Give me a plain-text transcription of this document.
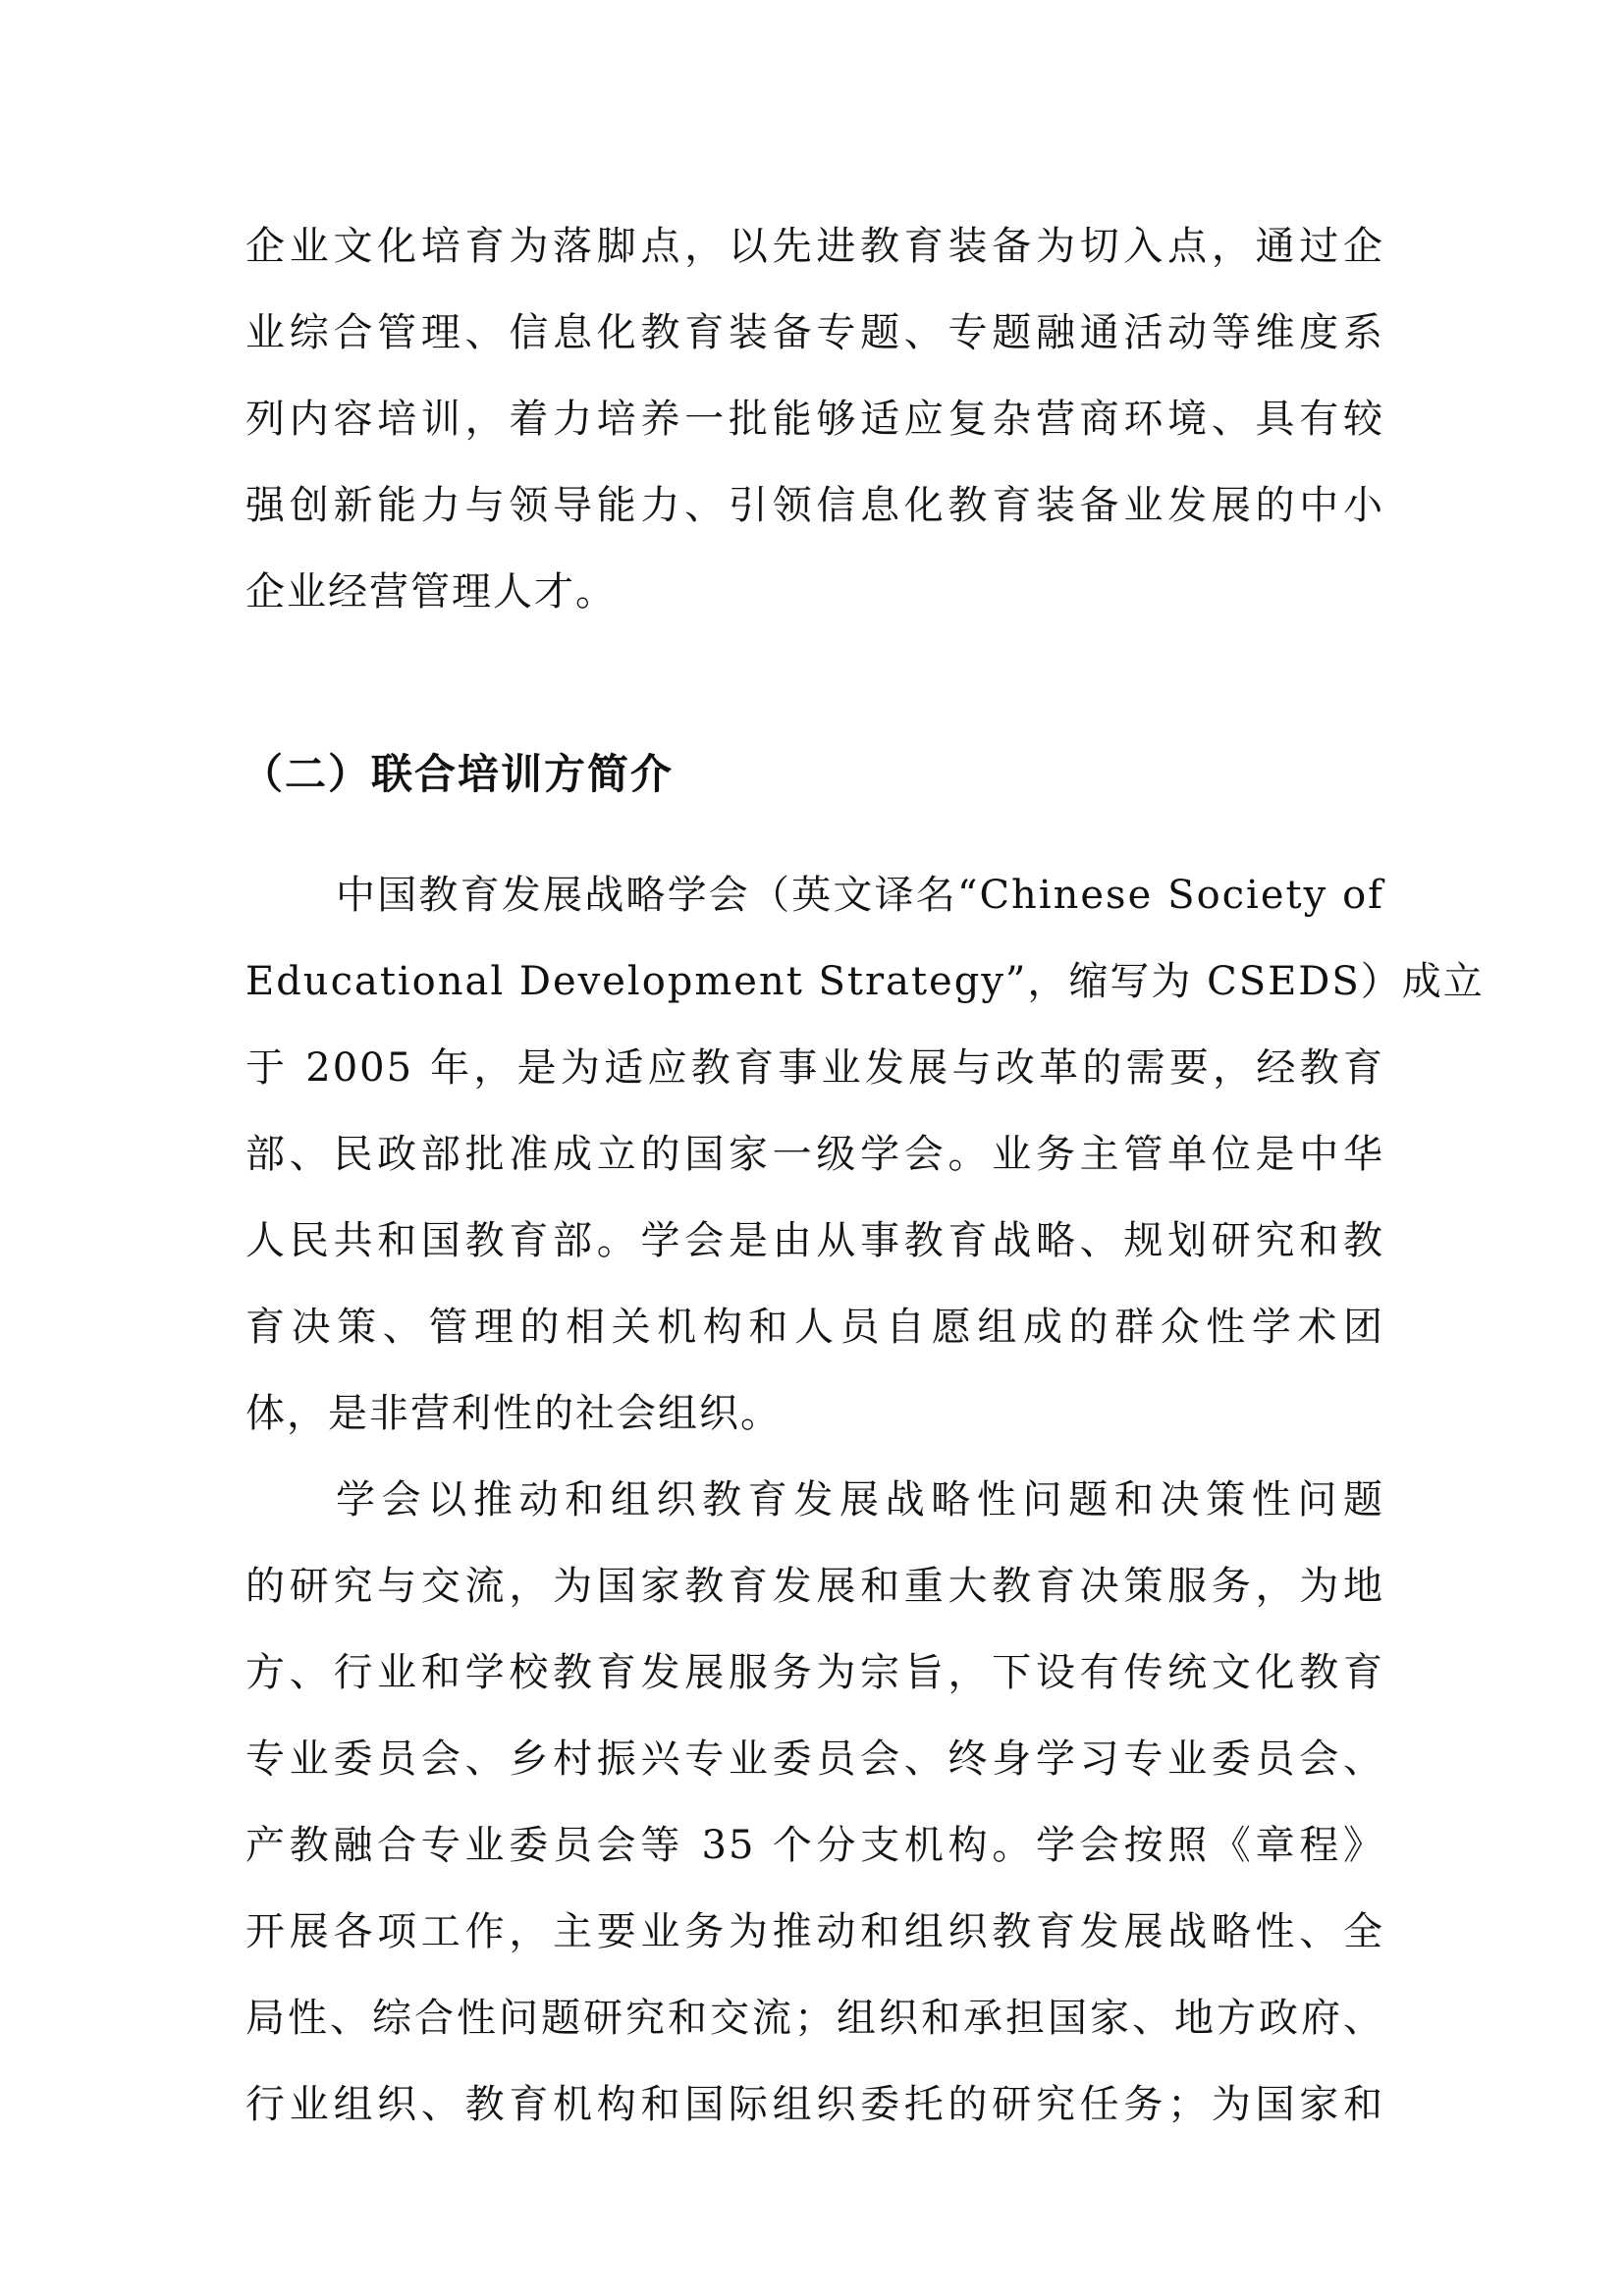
企业文化培育为落脚点，以先进教育装备为切入点，通过企
业综合管理、信息化教育装备专题、专题融通活动等维度系
列内容培训，着力培养一批能够适应复杂营商环境、具有较
强创新能力与领导能力、引领信息化教育装备业发展的中小
企业经营管理人才。
（二）联合培训方简介
中国教育发展战略学会（英文译名“Chinese Society of
Educational Development Strategy”，缩写为 CSEDS）成立
于 2005 年，是为适应教育事业发展与改革的需要，经教育
部、民政部批准成立的国家一级学会。业务主管单位是中华
人民共和国教育部。学会是由从事教育战略、规划研究和教
育决策、管理的相关机构和人员自愿组成的群众性学术团
体，是非营利性的社会组织。
学会以推动和组织教育发展战略性问题和决策性问题
的研究与交流，为国家教育发展和重大教育决策服务，为地
方、行业和学校教育发展服务为宗旨，下设有传统文化教育
专业委员会、乡村振兴专业委员会、终身学习专业委员会、
产教融合专业委员会等 35 个分支机构。学会按照《章程》
开展各项工作，主要业务为推动和组织教育发展战略性、全
局性、综合性问题研究和交流；组织和承担国家、地方政府、
行业组织、教育机构和国际组织委托的研究任务；为国家和
